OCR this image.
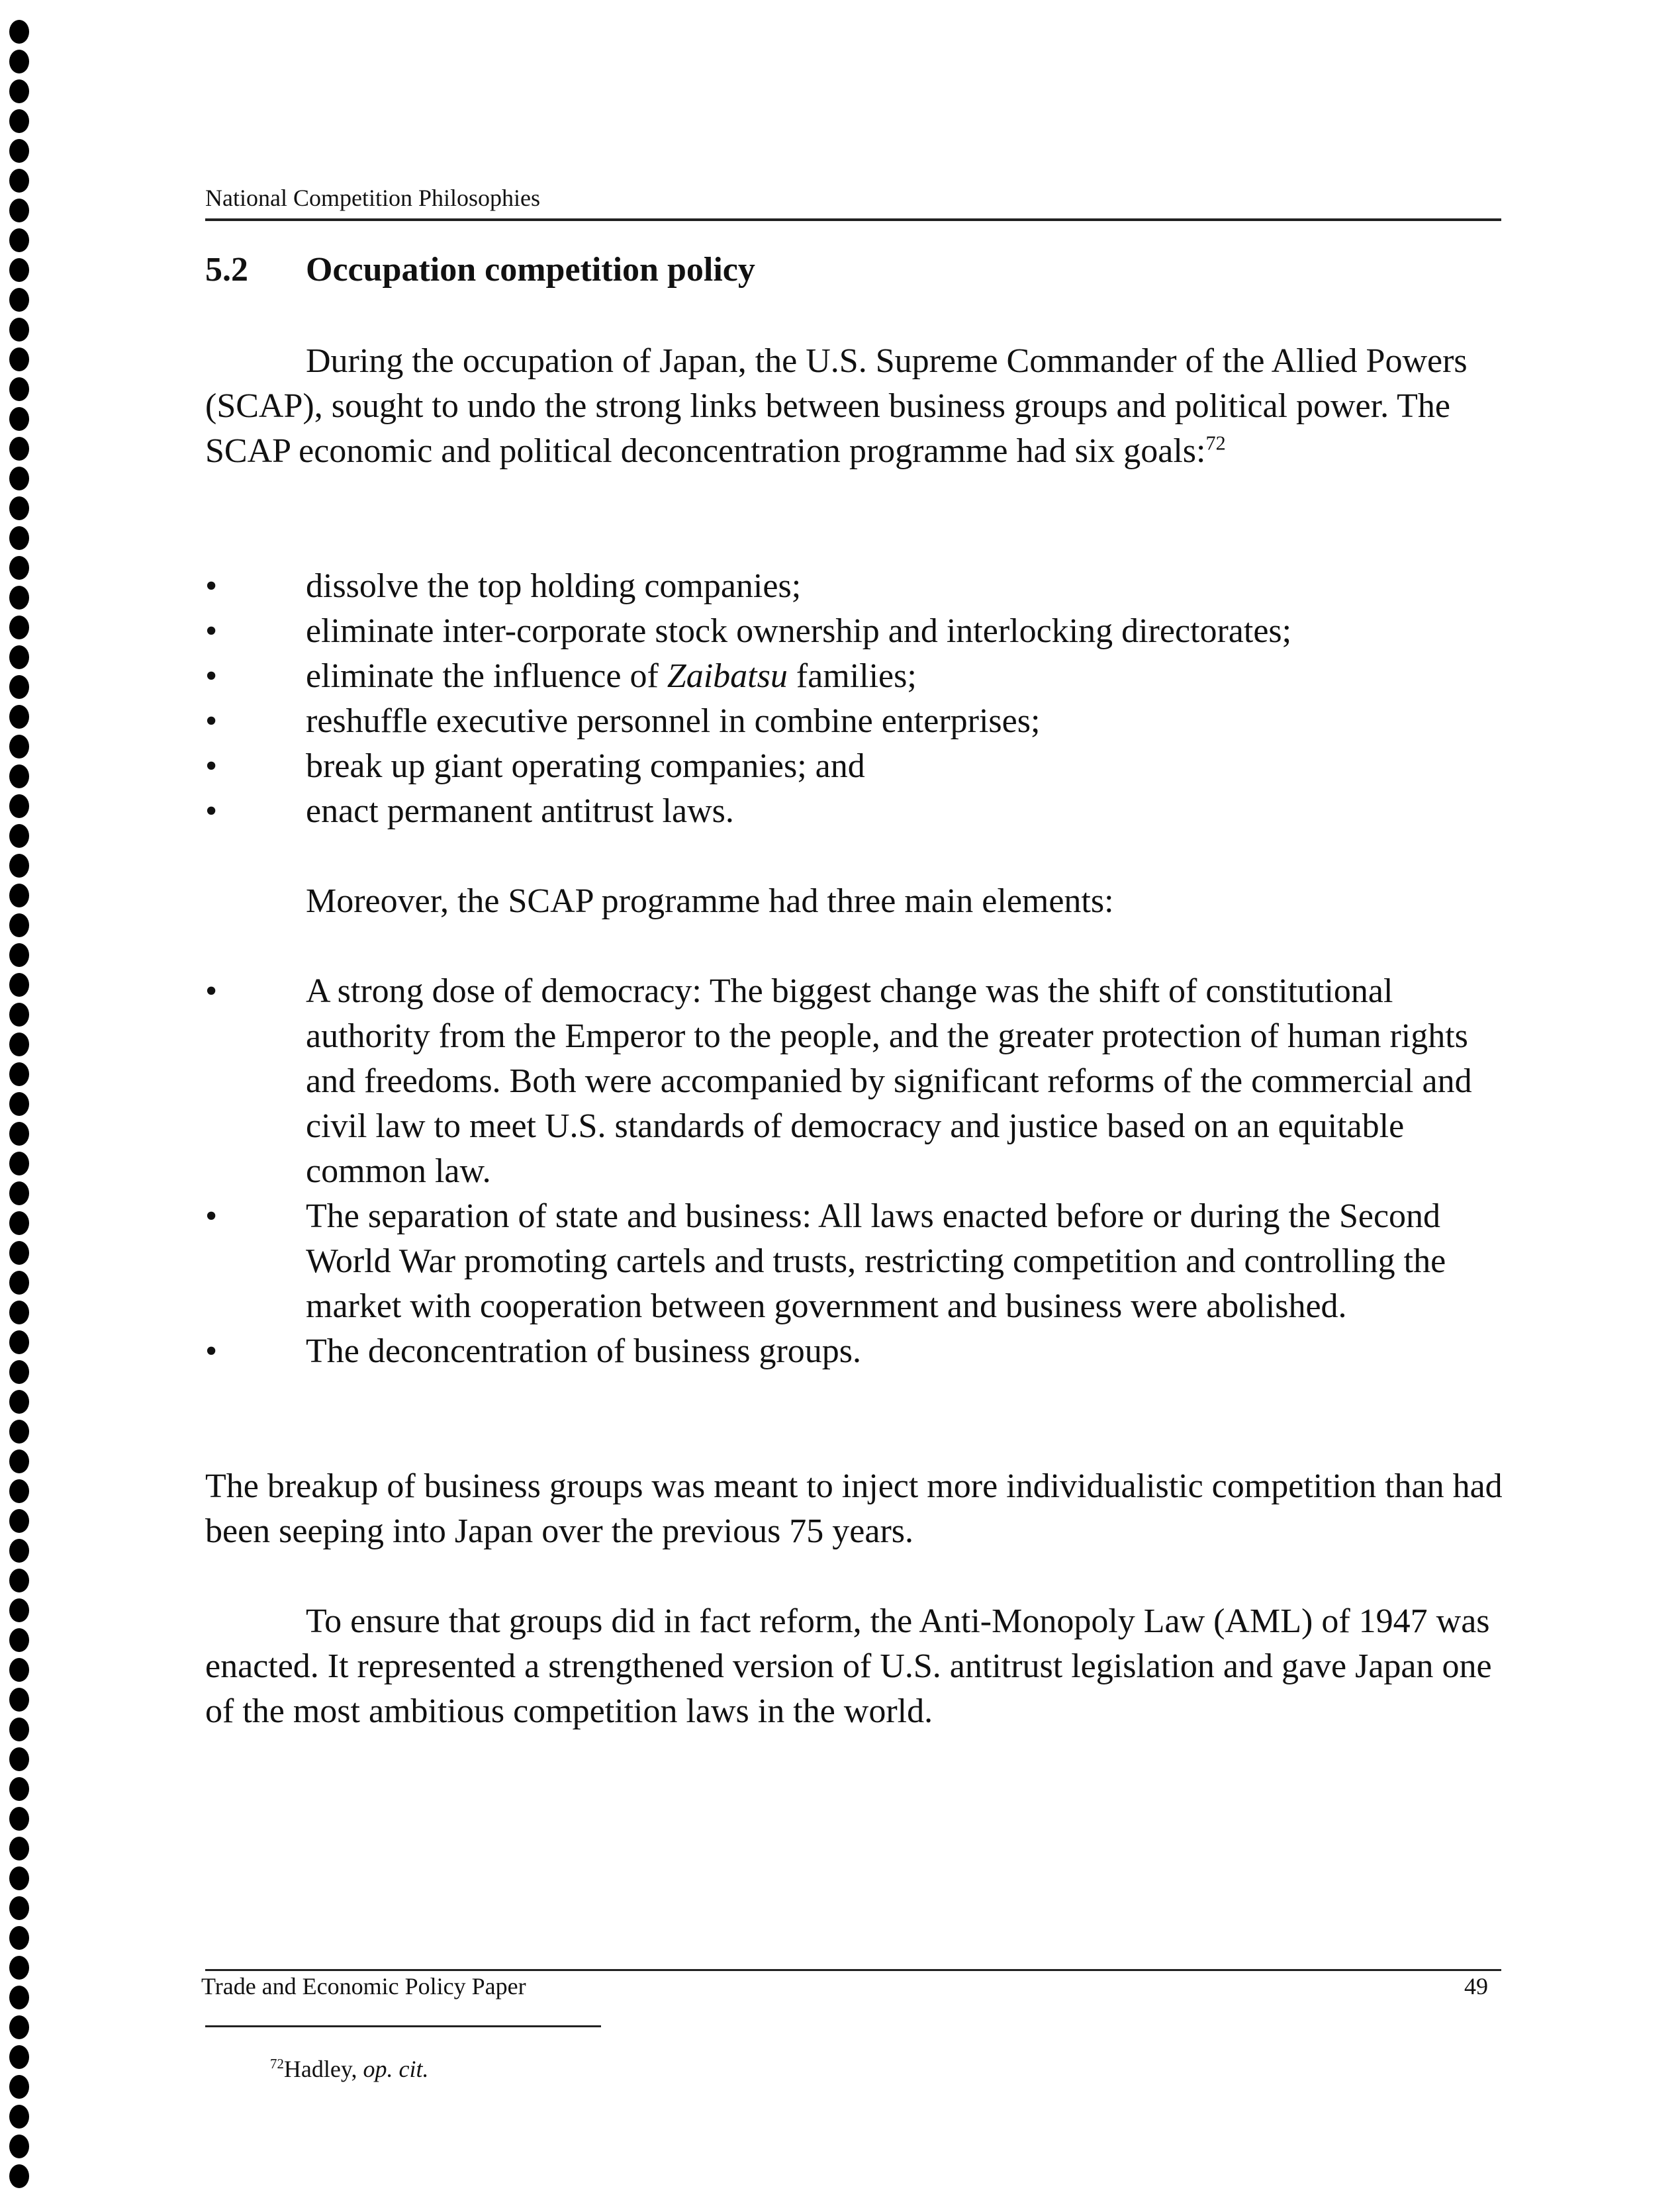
National Competition Philosophies
5.2 Occupation competition policy

During the occupation of Japan, the U.S. Supreme Commander of the Allied Powers (SCAP), sought to undo the strong links between business groups and political power. The SCAP economic and political deconcentration programme had six goals:$^{72}$

•	dissolve the top holding companies;
•	eliminate inter-corporate stock ownership and interlocking directorates;
•	eliminate the influence of Zaibatsu families;
•	reshuffle executive personnel in combine enterprises;
•	break up giant operating companies; and
•	enact permanent antitrust laws.

Moreover, the SCAP programme had three main elements:

•	A strong dose of democracy: The biggest change was the shift of constitutional authority from the Emperor to the people, and the greater protection of human rights and freedoms. Both were accompanied by significant reforms of the commercial and civil law to meet U.S. standards of democracy and justice based on an equitable common law.
•	The separation of state and business: All laws enacted before or during the Second World War promoting cartels and trusts, restricting competition and controlling the market with cooperation between government and business were abolished.
•	The deconcentration of business groups.

The breakup of business groups was meant to inject more individualistic competition than had been seeping into Japan over the previous 75 years.

To ensure that groups did in fact reform, the Anti-Monopoly Law (AML) of 1947 was enacted. It represented a strengthened version of U.S. antitrust legislation and gave Japan one of the most ambitious competition laws in the world.

$^{72}$Hadley, op. cit.
Trade and Economic Policy Paper	49
